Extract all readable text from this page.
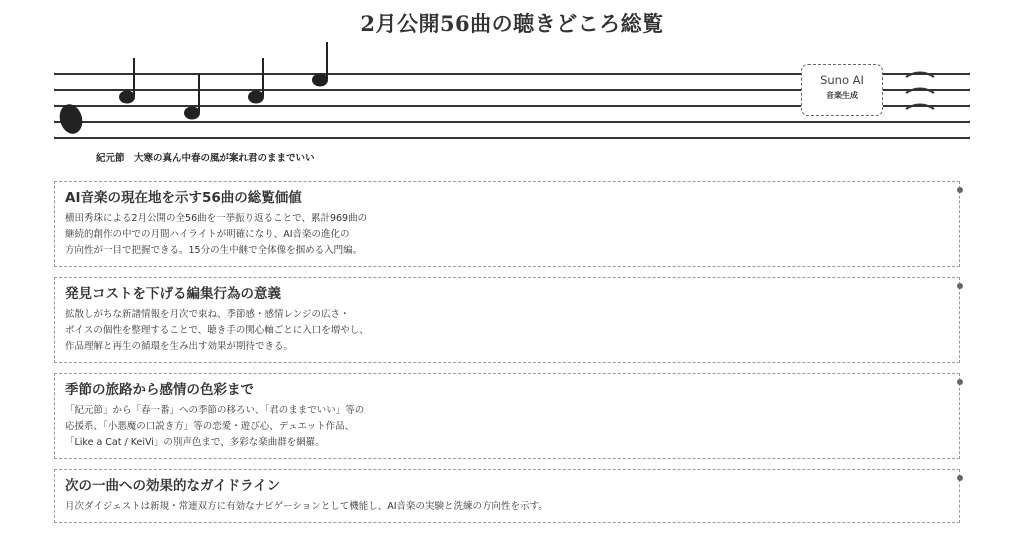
2月公開56曲の聴きどころ総覧
紀元節　大寒の真ん中春の風が案れ君のままでいい
Suno AI
音楽生成
AI音楽の現在地を示す56曲の総覧価値

横田秀珠による2月公開の全56曲を一挙振り返ることで、累計969曲の
継続的創作の中での月間ハイライトが明確になり、AI音楽の進化の
方向性が一目で把握できる。15分の生中継で全体像を掴める入門編。

発見コストを下げる編集行為の意義

拡散しがちな新譜情報を月次で束ね、季節感・感情レンジの広さ・
ボイスの個性を整理することで、聴き手の関心軸ごとに入口を増やし、
作品理解と再生の循環を生み出す効果が期待できる。

季節の旅路から感情の色彩まで

「紀元節」から「春一番」への季節の移ろい、「君のままでいい」等の
応援系、「小悪魔の口説き方」等の恋愛・遊び心、デュエット作品、
「Like a Cat / KeiVi」の別声色まで、多彩な楽曲群を網羅。

次の一曲への効果的なガイドライン

月次ダイジェストは新規・常連双方に有効なナビゲーションとして機能し、AI音楽の実験と洗練の方向性を示す。
